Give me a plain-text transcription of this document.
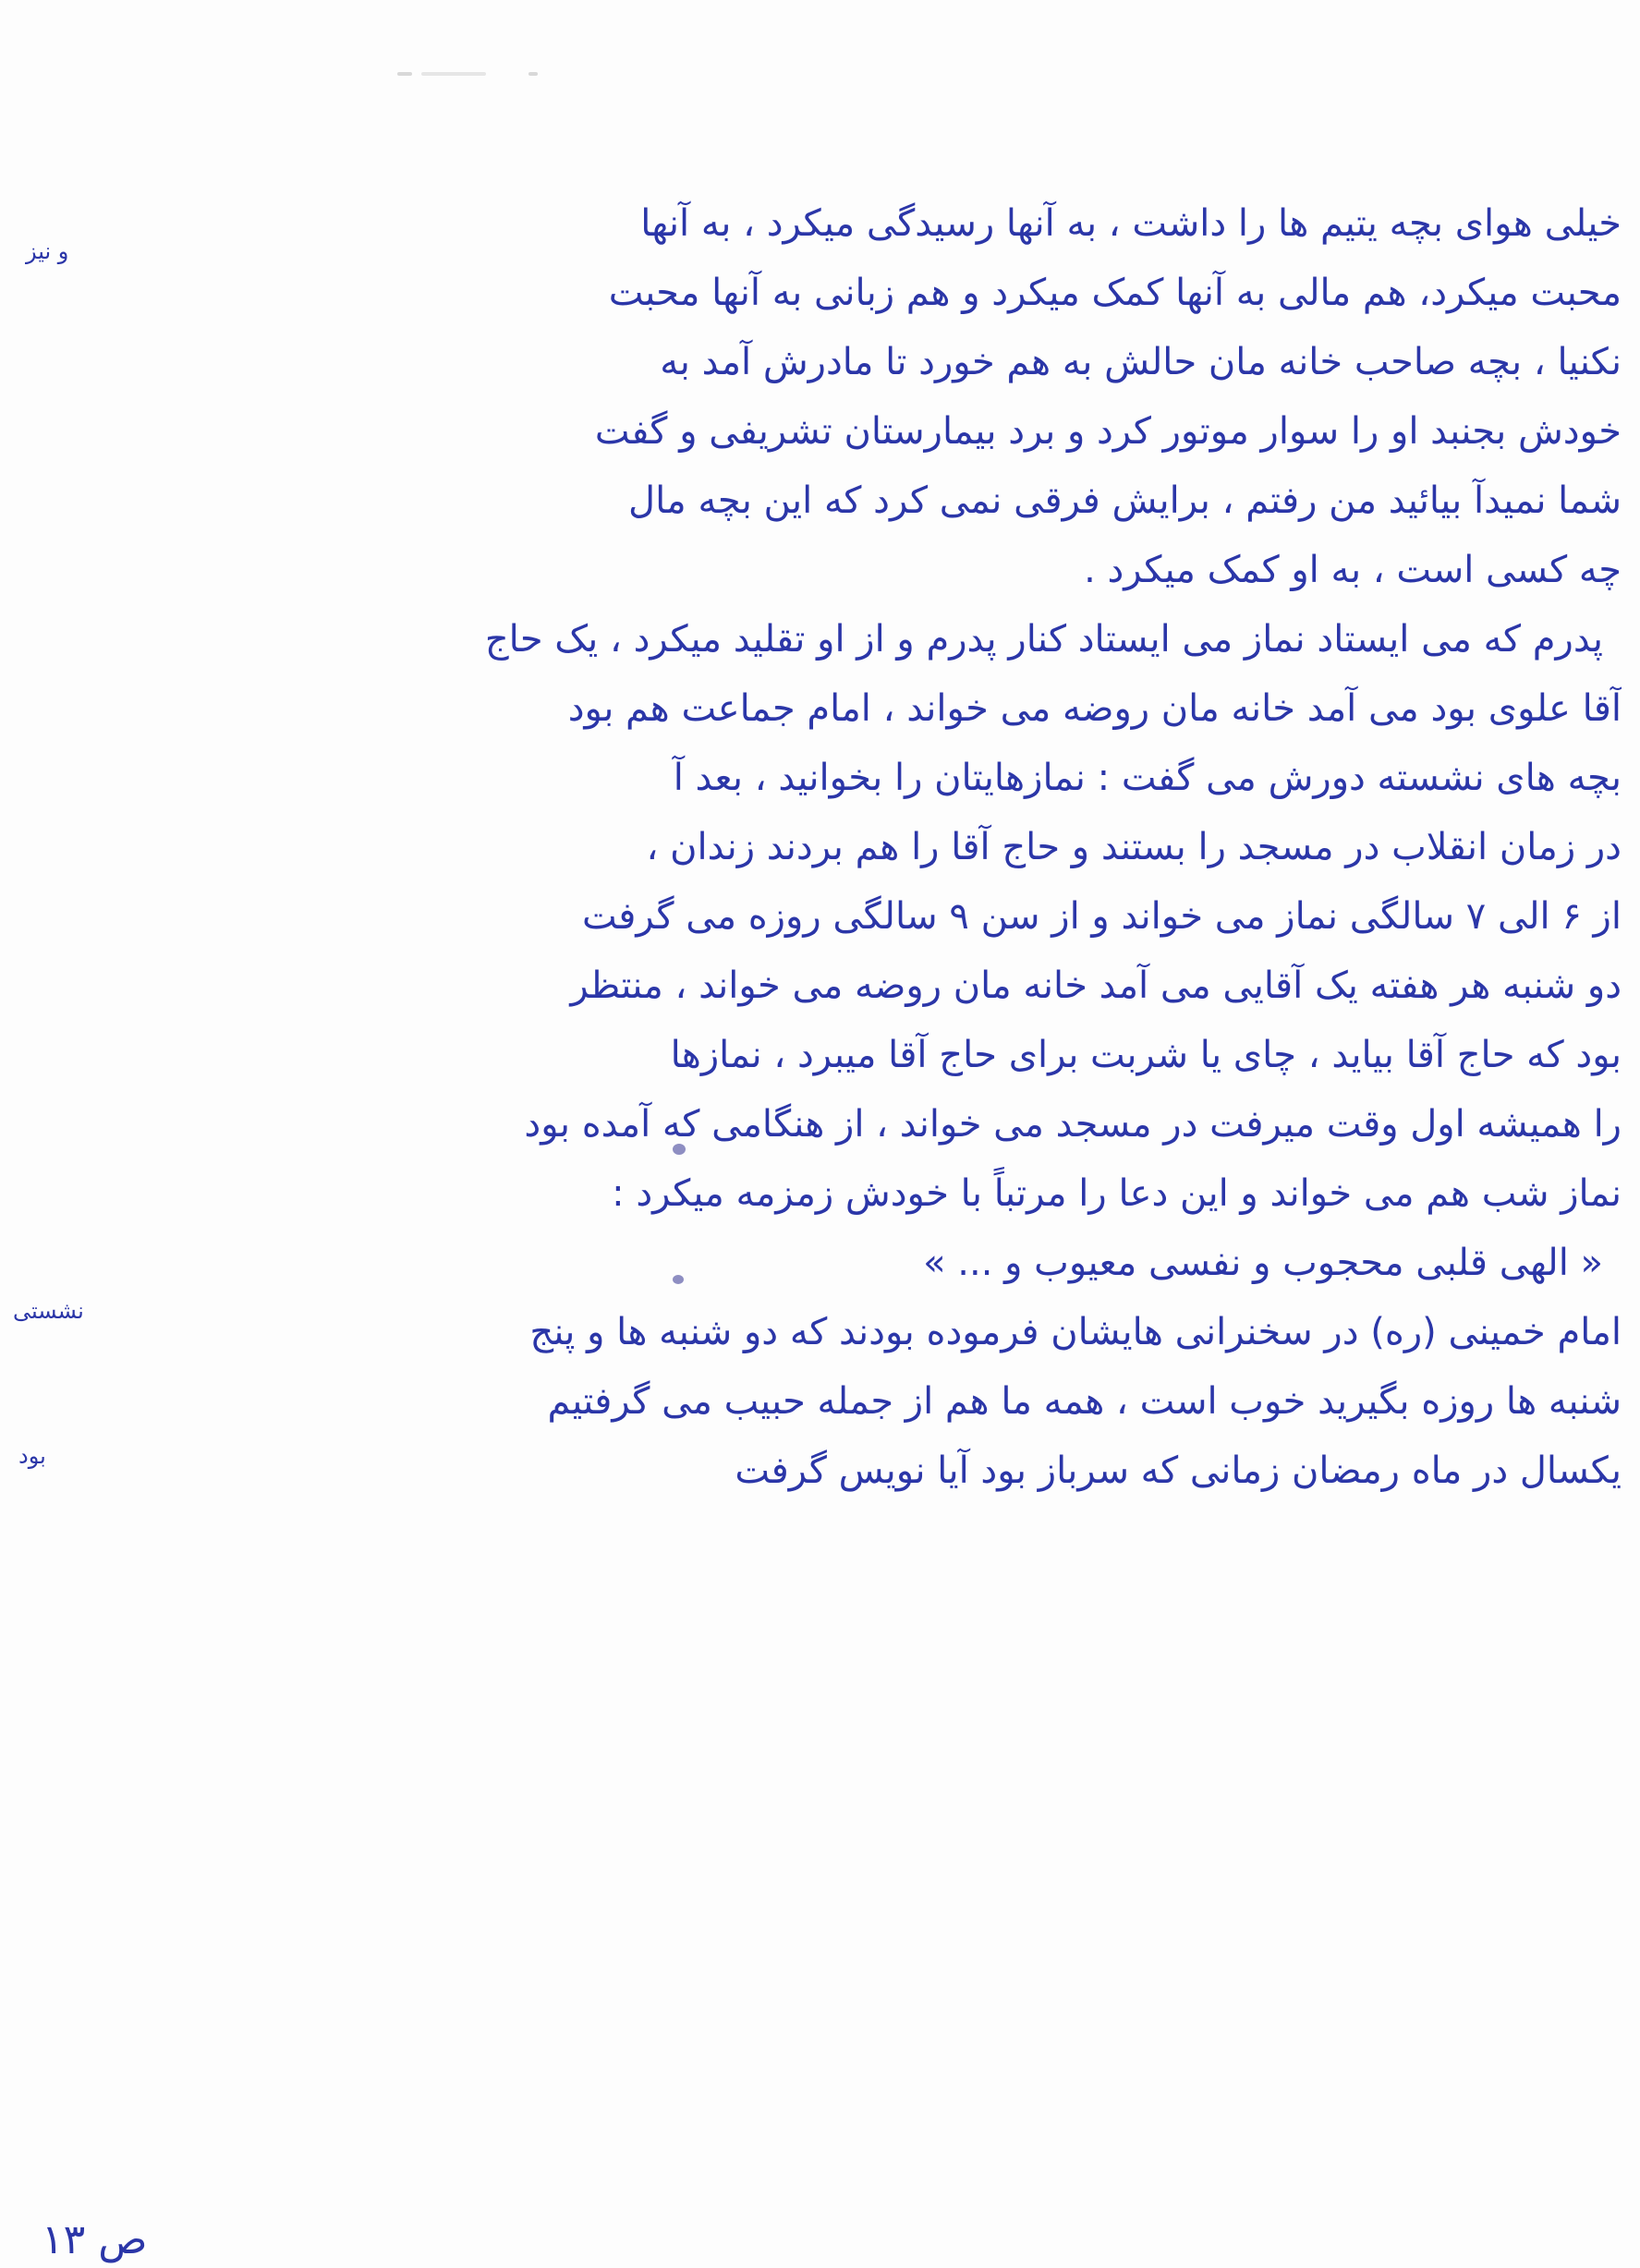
و نیز
نشستی
بود
خیلی هوای بچه یتیم ها را داشت ، به آنها رسیدگی میکرد ، به آنها
محبت میکرد، هم مالی به آنها کمک میکرد و هم زبانی به آنها محبت
نکنیا ، بچه صاحب خانه مان حالش به هم خورد تا مادرش آمد به
خودش بجنبد او را سوار موتور کرد و برد بیمارستان تشریفی و گفت
شما نمیدآ بیائید من رفتم ، برایش فرقی نمی کرد که این بچه مال
چه کسی است ، به او کمک میکرد .
پدرم که می ایستاد نماز می ایستاد کنار پدرم و از او تقلید میکرد ، یک حاج
آقا علوی بود می آمد خانه مان روضه می خواند ، امام جماعت هم بود
بچه های نشسته دورش می گفت : نمازهایتان را بخوانید ، بعد آ
در زمان انقلاب در مسجد را بستند و حاج آقا را هم بردند زندان ،
از ۶ الی ۷ سالگی نماز می خواند و از سن ۹ سالگی روزه می گرفت
دو شنبه هر هفته یک آقایی می آمد خانه مان روضه می خواند ، منتظر
بود که حاج آقا بیاید ، چای یا شربت برای حاج آقا میبرد ، نمازها
را همیشه اول وقت میرفت در مسجد می خواند ، از هنگامی که آمده بود
نماز شب هم می خواند و این دعا را مرتباً با خودش زمزمه میکرد :
« الهی قلبی محجوب و نفسی معیوب و ... »
امام خمینی (ره) در سخنرانی هایشان فرموده بودند که دو شنبه ها و پنج
شنبه ها روزه بگیرید خوب است ، همه ما هم از جمله حبیب می گرفتیم
یکسال در ماه رمضان زمانی که سرباز بود آیا نویس گرفت
ص ۱۳
